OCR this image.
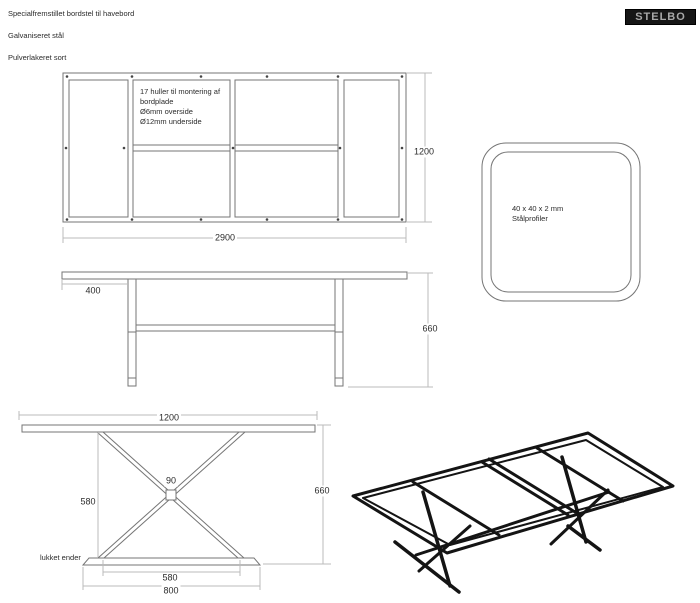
Specialfremstillet bordstel til havebord
Galvaniseret stål
Pulverlakeret sort
STELBO
17 huller til montering af
bordplade
Ø6mm overside
Ø12mm underside
40 x 40 x 2 mm
Stålprofiler
1200
2900
400
660
1200
90
580
660
580
800
lukket ender
